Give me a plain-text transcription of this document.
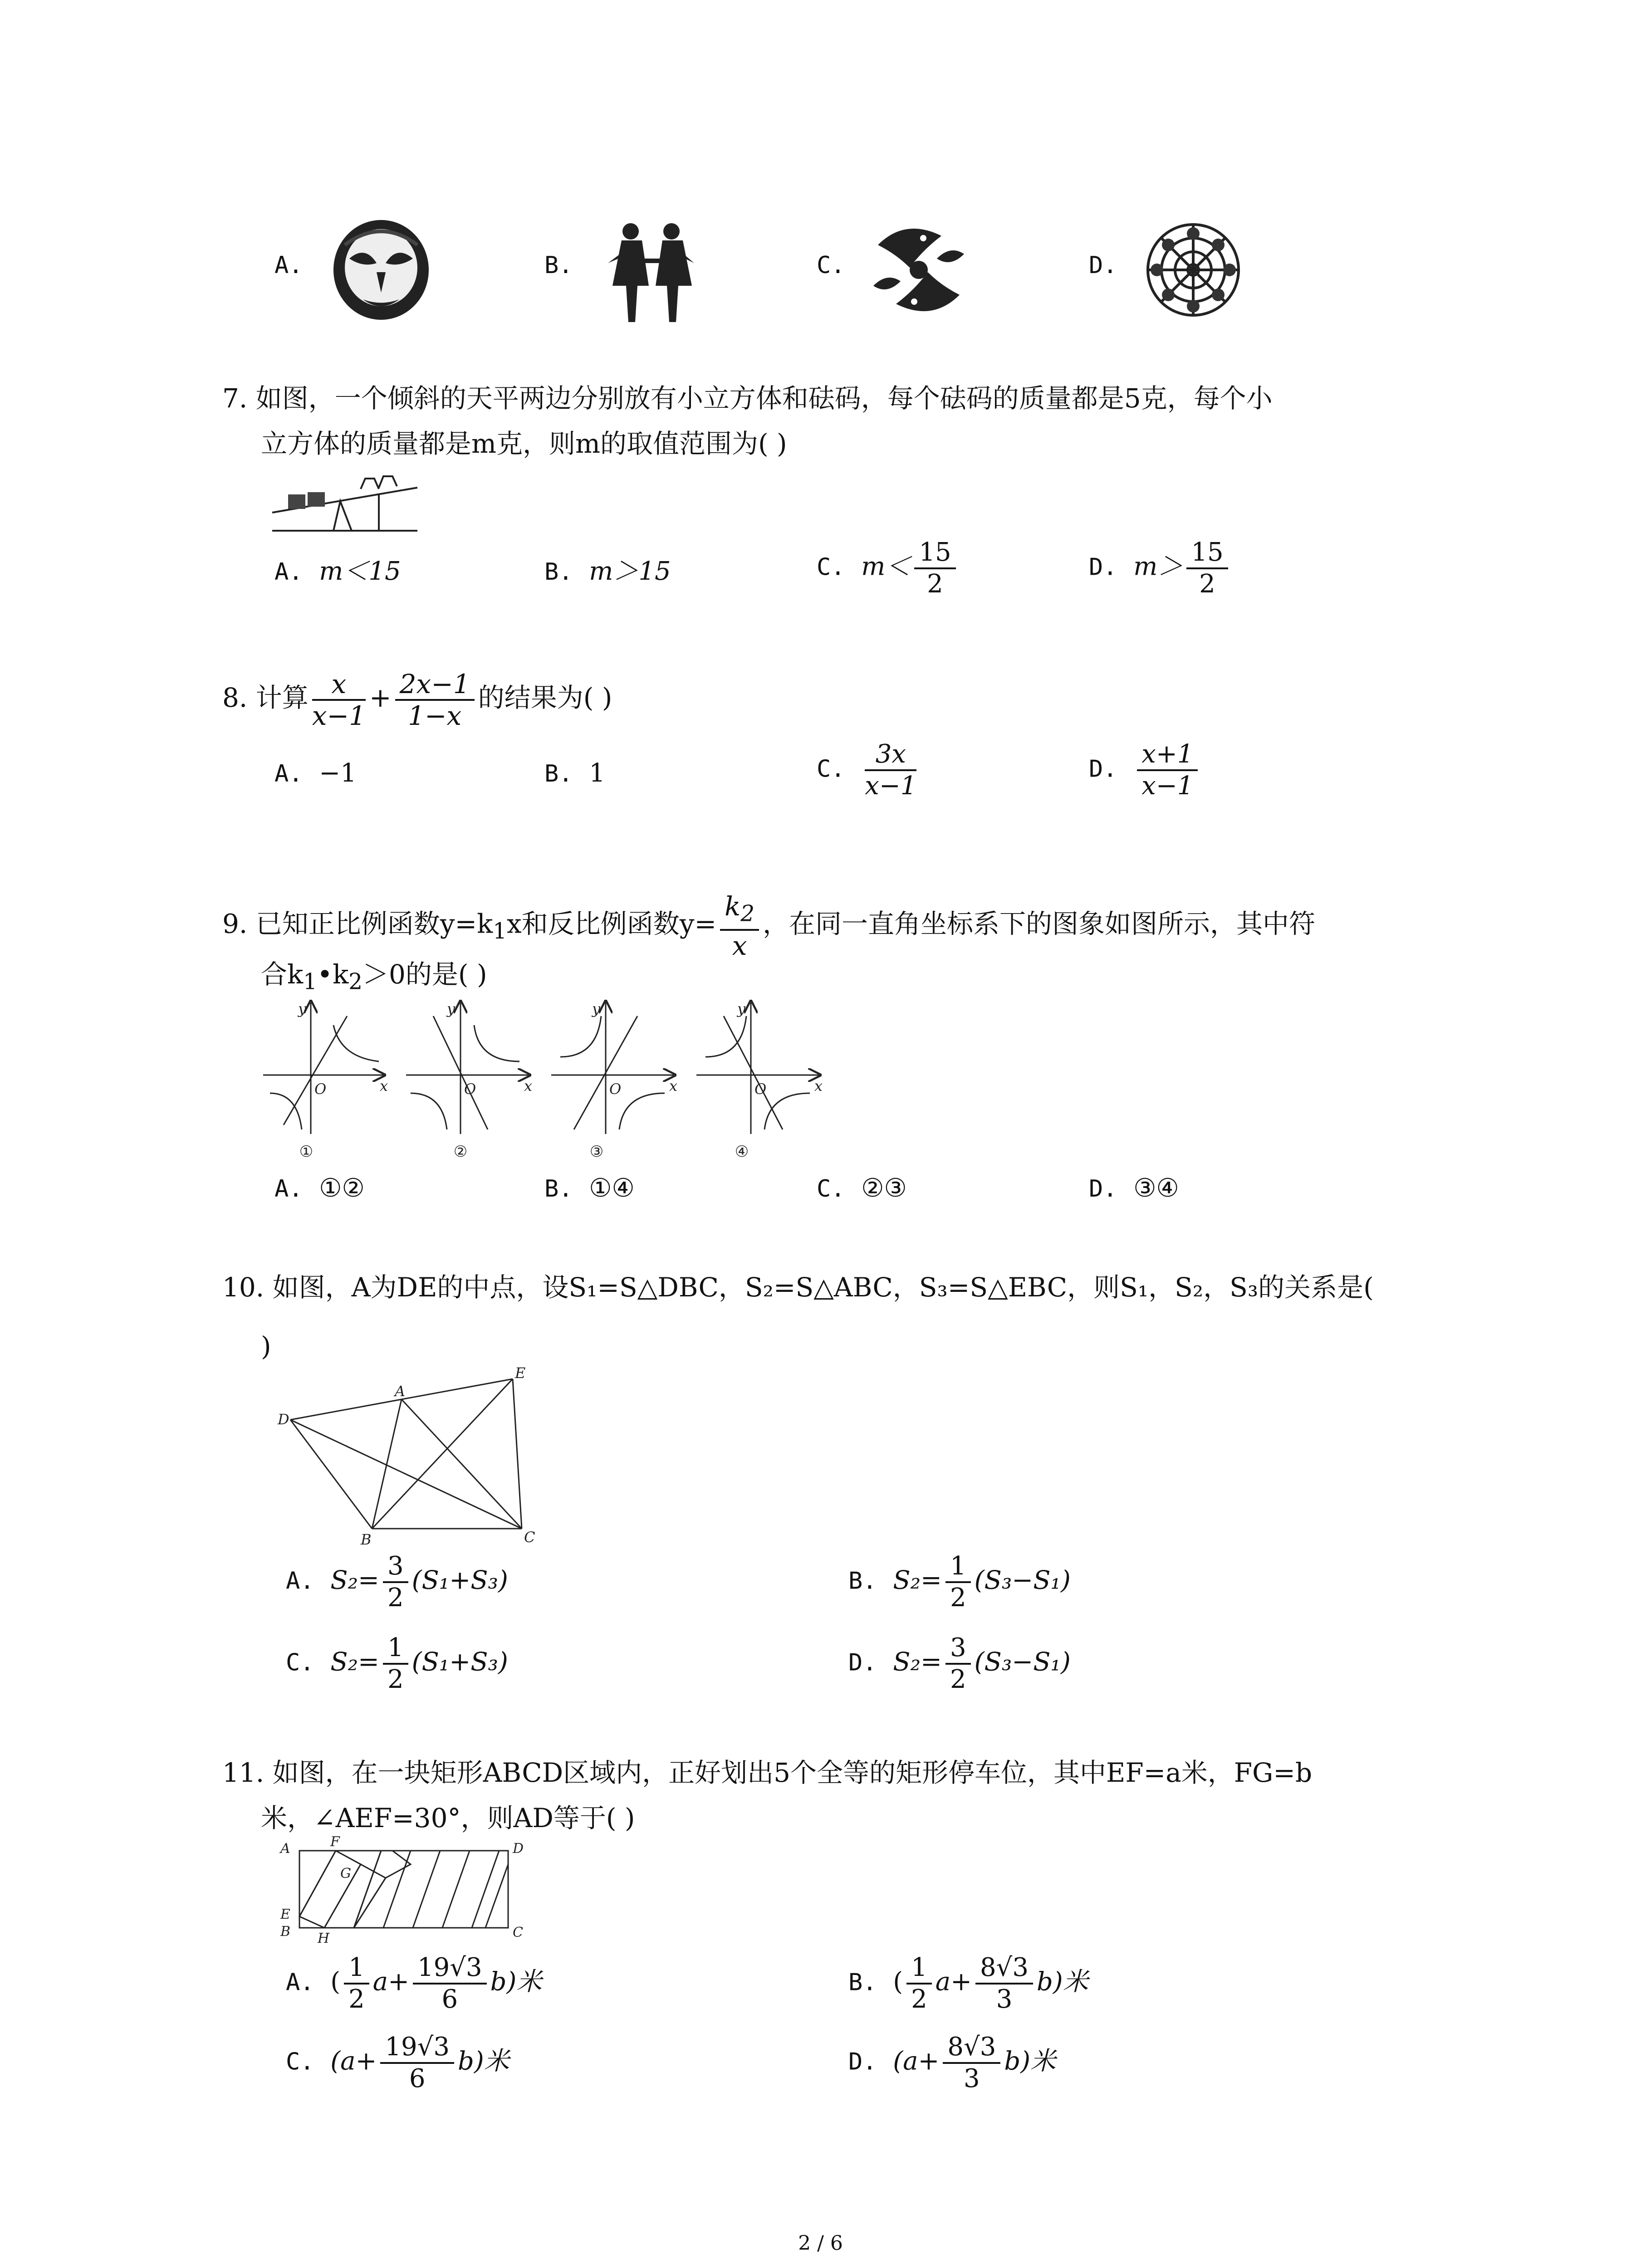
A.	B.	C.	D.
7. 如图，一个倾斜的天平两边分别放有小立方体和砝码，每个砝码的质量都是5克，每个小
立方体的质量都是m克，则m的取值范围为( )
A. m＜15	B. m＞15	C. $m< \frac{15}{2}$	D. $m> \frac{15}{2}$
8. 计算 $\frac{x}{x-1} + \frac{2x-1}{1-x}$ 的结果为( )
A. −1	B. 1	C. $\frac{3x}{x-1}$	D. $\frac{x+1}{x-1}$
9. 已知正比例函数$y=k_1x$和反比例函数$y= \frac{k_2}{x}$ ，在同一直角坐标系下的图象如图所示，其中符
合$k_1•k_2>0$的是( )
y
x
O
y
x
O
y
x
O
y
x
O
①	②	③	④
A. ①②	B. ①④	C. ②③	D. ③④
10. 如图，A为DE的中点，设S₁=S△DBC，S₂=S△ABC，S₃=S△EBC，则S₁，S₂，S₃的关系是(
)
D
A
E
B	C
A. $S_2= \frac{3}{2} (S_1+S_3)$	B. $S_2= \frac{1}{2} (S_3-S_1)$
C. $S_2= \frac{1}{2} (S_1+S_3)$	D. $S_2= \frac{3}{2} (S_3-S_1)$
11. 如图，在一块矩形ABCD区域内，正好划出5个全等的矩形停车位，其中EF=a米，FG=b
米，∠AEF=30°，则AD等于( )
A	F	D
G
E
B H	C
A. ( $\frac{1}{2} a+ \frac{19√3}{6} b$)米	B. ( $\frac{1}{2} a+ \frac{8√3}{3} b$)米
C. $(a+ \frac{19√3}{6} b)$米	D. $(a+ \frac{8√3}{3} b)$米
2 / 6
